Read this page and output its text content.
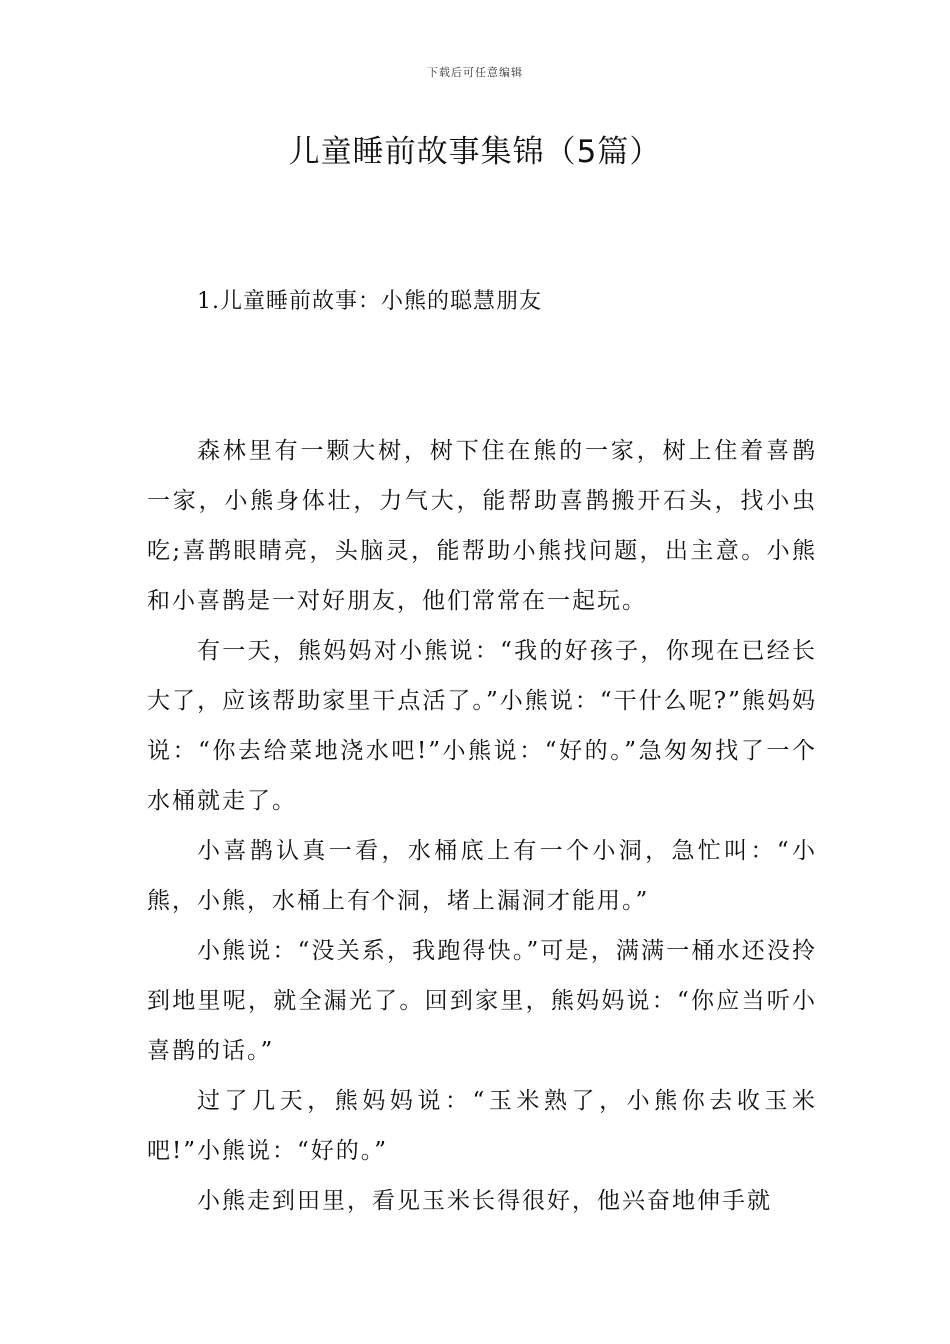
下载后可任意编辑
儿童睡前故事集锦（5篇）
1.儿童睡前故事：小熊的聪慧朋友

森林里有一颗大树，树下住在熊的一家，树上住着喜鹊一家，小熊身体壮，力气大，能帮助喜鹊搬开石头，找小虫吃;喜鹊眼睛亮，头脑灵，能帮助小熊找问题，出主意。小熊和小喜鹊是一对好朋友，他们常常在一起玩。

有一天，熊妈妈对小熊说：“我的好孩子，你现在已经长大了，应该帮助家里干点活了。”小熊说：“干什么呢?”熊妈妈说：“你去给菜地浇水吧!”小熊说：“好的。”急匆匆找了一个水桶就走了。

小喜鹊认真一看，水桶底上有一个小洞，急忙叫：“小熊，小熊，水桶上有个洞，堵上漏洞才能用。”

小熊说：“没关系，我跑得快。”可是，满满一桶水还没拎到地里呢，就全漏光了。回到家里，熊妈妈说：“你应当听小喜鹊的话。”

过了几天，熊妈妈说：“玉米熟了，小熊你去收玉米吧!”小熊说：“好的。”

小熊走到田里，看见玉米长得很好，他兴奋地伸手就
